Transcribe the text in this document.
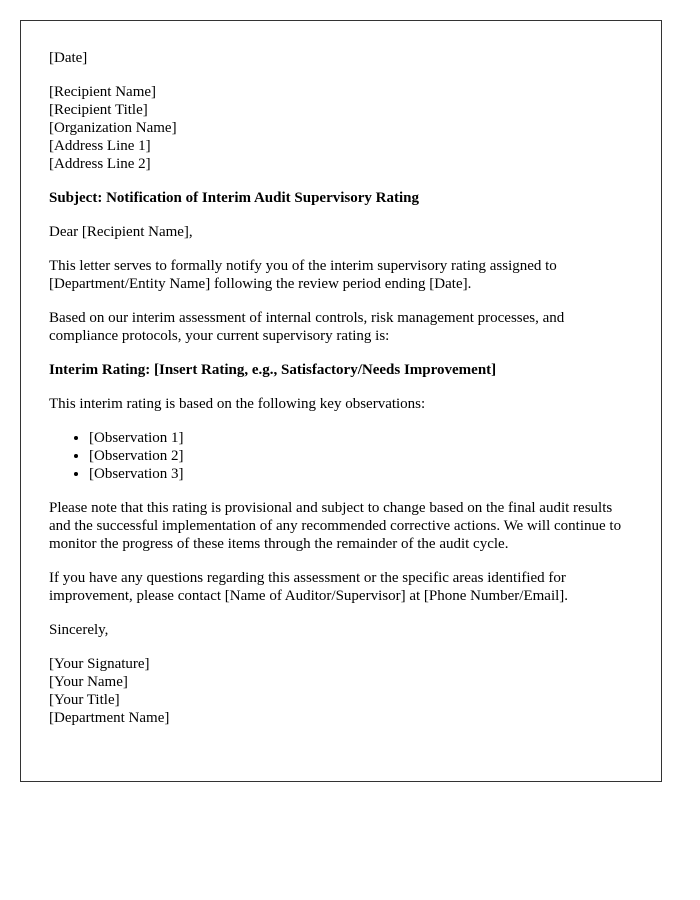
[Date]

[Recipient Name]
[Recipient Title]
[Organization Name]
[Address Line 1]
[Address Line 2]

Subject: Notification of Interim Audit Supervisory Rating

Dear [Recipient Name],

This letter serves to formally notify you of the interim supervisory rating assigned to [Department/Entity Name] following the review period ending [Date].

Based on our interim assessment of internal controls, risk management processes, and compliance protocols, your current supervisory rating is:

Interim Rating: [Insert Rating, e.g., Satisfactory/Needs Improvement]

This interim rating is based on the following key observations:

• [Observation 1]
• [Observation 2]
• [Observation 3]

Please note that this rating is provisional and subject to change based on the final audit results and the successful implementation of any recommended corrective actions. We will continue to monitor the progress of these items through the remainder of the audit cycle.

If you have any questions regarding this assessment or the specific areas identified for improvement, please contact [Name of Auditor/Supervisor] at [Phone Number/Email].

Sincerely,

[Your Signature]
[Your Name]
[Your Title]
[Department Name]
